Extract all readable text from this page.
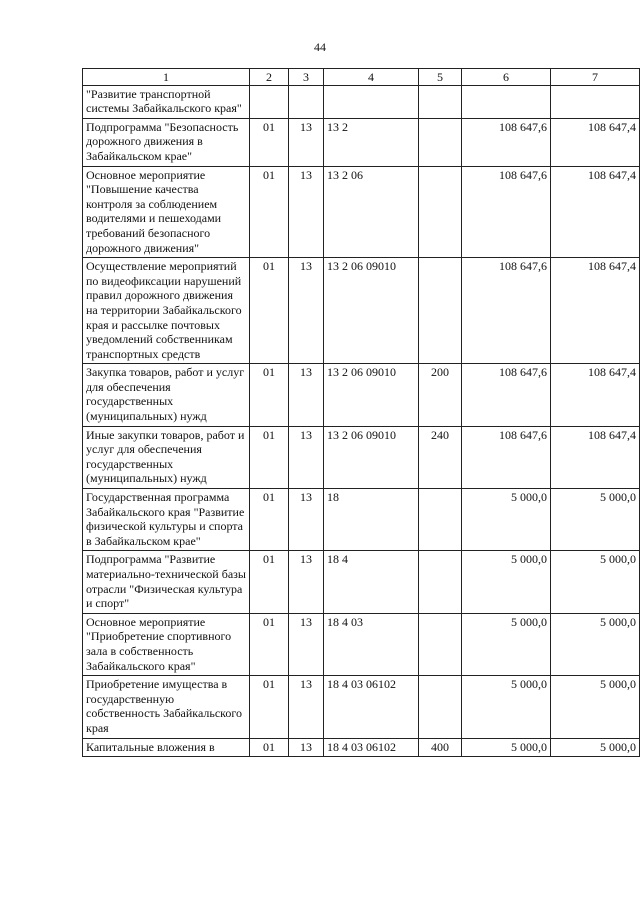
44
1	2	3	4	5	6	7
"Развитие транспортной системы Забайкальского края"						
Подпрограмма "Безопасность дорожного движения в Забайкальском крае"	01	13	13 2		108 647,6	108 647,4
Основное мероприятие "Повышение качества контроля за соблюдением водителями и пешеходами требований безопасного дорожного движения"	01	13	13 2 06		108 647,6	108 647,4
Осуществление мероприятий по видеофиксации нарушений правил дорожного движения на территории Забайкальского края и рассылке почтовых уведомлений собственникам транспортных средств	01	13	13 2 06 09010		108 647,6	108 647,4
Закупка товаров, работ и услуг для обеспечения государственных (муниципальных) нужд	01	13	13 2 06 09010	200	108 647,6	108 647,4
Иные закупки товаров, работ и услуг для обеспечения государственных (муниципальных) нужд	01	13	13 2 06 09010	240	108 647,6	108 647,4
Государственная программа Забайкальского края "Развитие физической культуры и спорта в Забайкальском крае"	01	13	18		5 000,0	5 000,0
Подпрограмма "Развитие материально-технической базы отрасли "Физическая культура и спорт"	01	13	18 4		5 000,0	5 000,0
Основное мероприятие "Приобретение спортивного зала в собственность Забайкальского края"	01	13	18 4 03		5 000,0	5 000,0
Приобретение имущества в государственную собственность Забайкальского края	01	13	18 4 03 06102		5 000,0	5 000,0
Капитальные вложения в	01	13	18 4 03 06102	400	5 000,0	5 000,0
